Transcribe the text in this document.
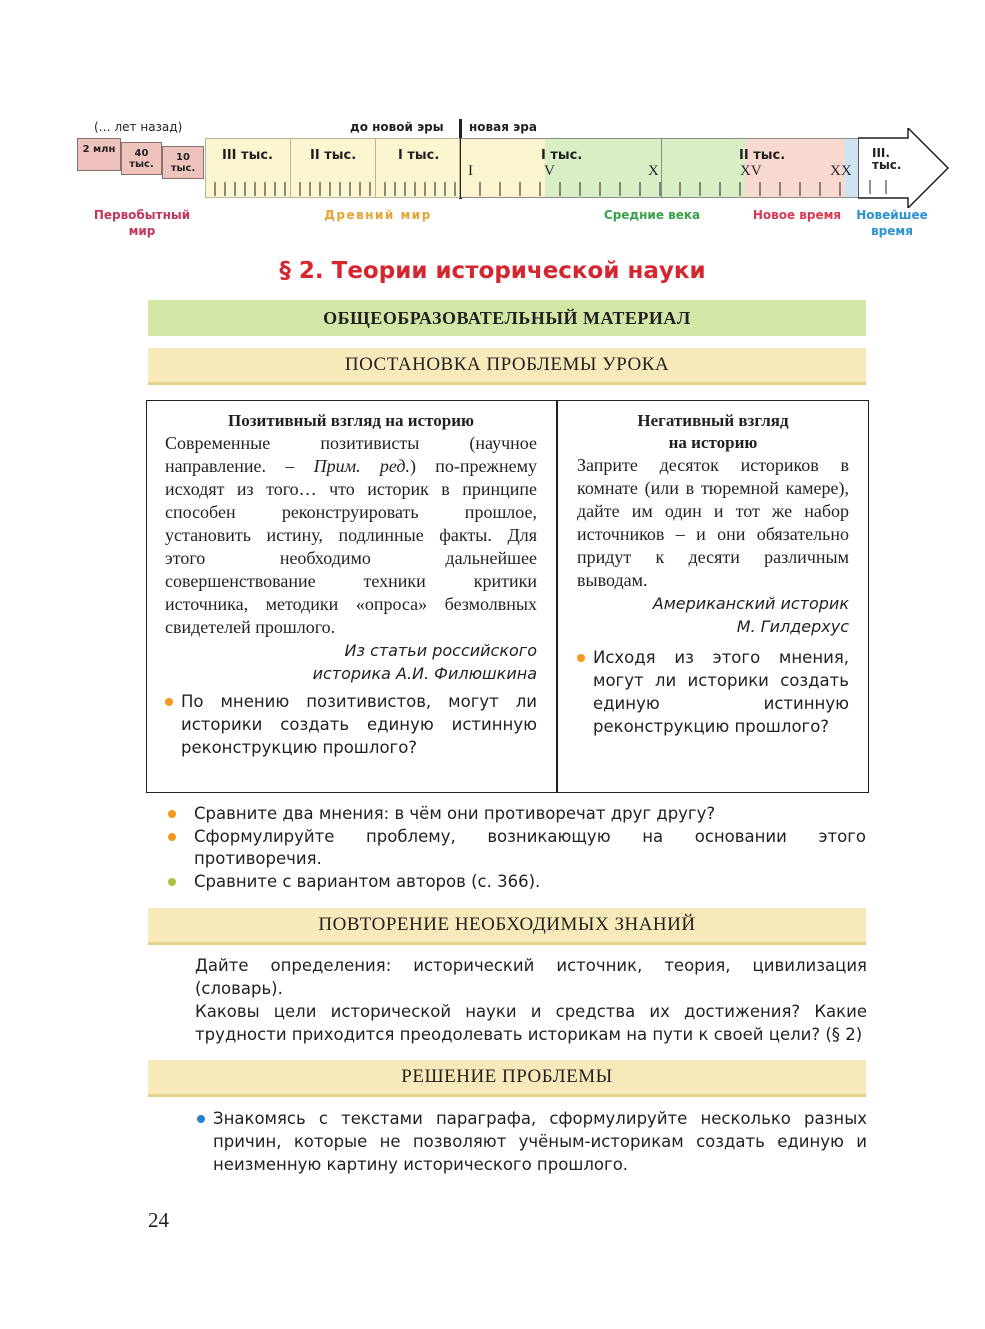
(… лет назад)	до новой эры новая эра
2 млн	40 тыс.
10 тыс.
III тыс.	II тыс.	I тыс.	I тыс.	II тыс.
I	V	X	XV	XX
III. тыс.
Первобытный мир
Древний мир	Средние века	Новое время	Новейшее время
§ 2. Теории исторической науки
ОБЩЕОБРАЗОВАТЕЛЬНЫЙ МАТЕРИАЛ
ПОСТАНОВКА ПРОБЛЕМЫ УРОКА
Позитивный взгляд на историю

Современные позитивисты (научное направление. – Прим. ред.) по-прежнему исходят из того… что историк в принципе способен реконструировать прошлое, установить истину, подлинные факты. Для этого необходимо дальнейшее совершенствование техники критики источника, методики «опроса» безмолвных свидетелей прошлого.

Из статьи российского
историка А.И. Филюшкина
По мнению позитивистов, могут ли историки создать единую истинную реконструкцию прошлого?
Негативный взгляд
на историю

Заприте десяток историков в комнате (или в тюремной камере), дайте им один и тот же набор источников – и они обязательно придут к десяти различным выводам.

Американский историк
М. Гилдерхус
Исходя из этого мнения, могут ли историки создать единую истинную реконструкцию прошлого?
Сравните два мнения: в чём они противоречат друг другу?
Сформулируйте проблему, возникающую на основании этого противоречия.
Сравните с вариантом авторов (с. 366).
ПОВТОРЕНИЕ НЕОБХОДИМЫХ ЗНАНИЙ
Дайте определения: исторический источник, теория, цивилизация (словарь).
Каковы цели исторической науки и средства их достижения? Какие трудности приходится преодолевать историкам на пути к своей цели? (§ 2)
РЕШЕНИЕ ПРОБЛЕМЫ
Знакомясь с текстами параграфа, сформулируйте несколько разных причин, которые не позволяют учёным-историкам создать единую и неизменную картину исторического прошлого.
24
